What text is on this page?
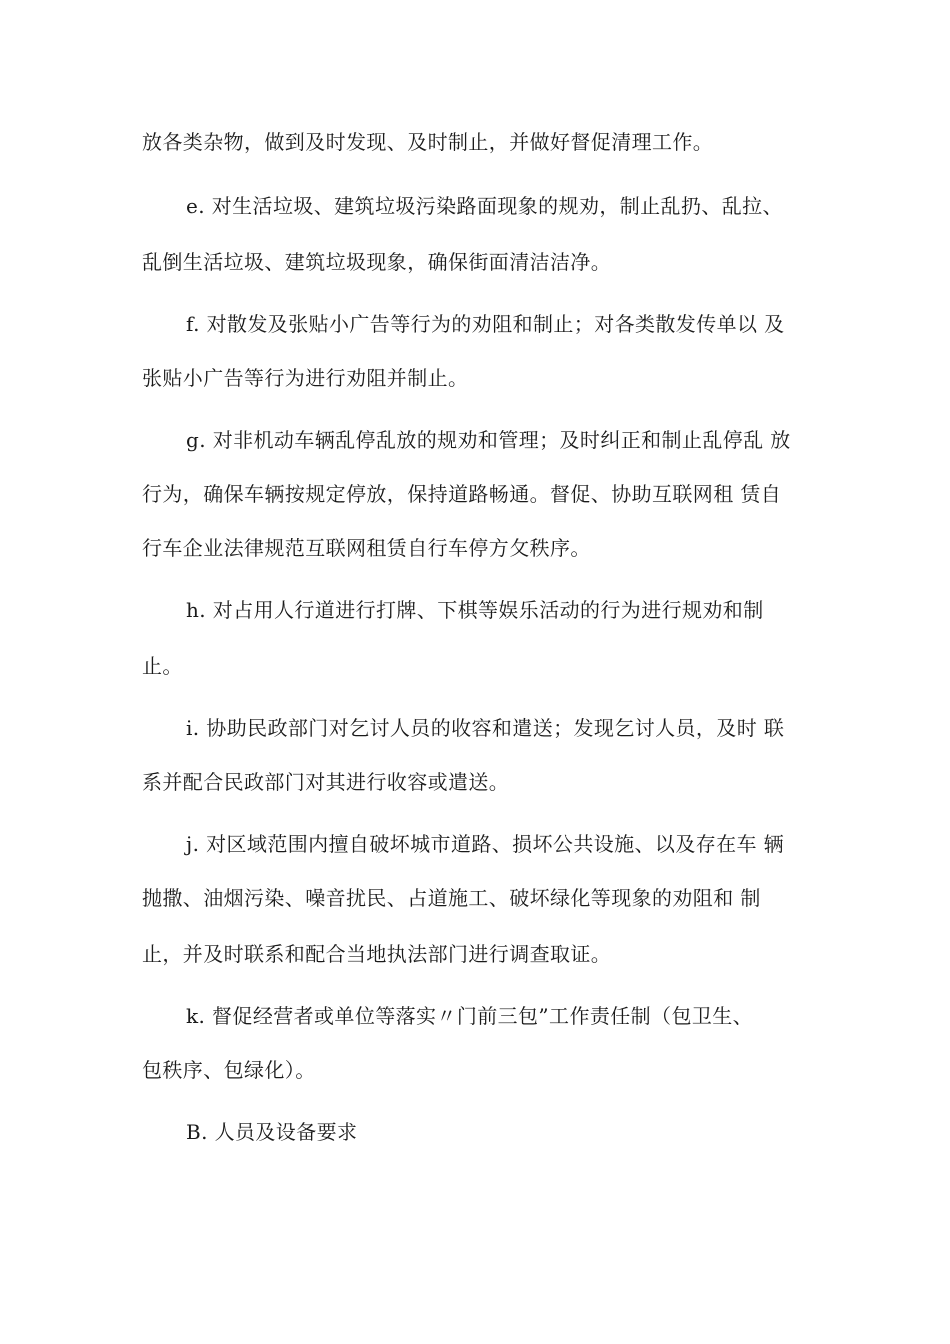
放各类杂物，做到及时发现、及时制止，并做好督促清理工作。
e. 对生活垃圾、建筑垃圾污染路面现象的规劝，制止乱扔、乱拉、
乱倒生活垃圾、建筑垃圾现象，确保街面清洁洁净。
f. 对散发及张贴小广告等行为的劝阻和制止；对各类散发传单以 及
张贴小广告等行为进行劝阻并制止。
g. 对非机动车辆乱停乱放的规劝和管理；及时纠正和制止乱停乱 放
行为，确保车辆按规定停放，保持道路畅通。督促、协助互联网租 赁自
行车企业法律规范互联网租赁自行车停方攵秩序。
h. 对占用人行道进行打牌、下棋等娱乐活动的行为进行规劝和制
止。
i. 协助民政部门对乞讨人员的收容和遣送；发现乞讨人员，及时 联
系并配合民政部门对其进行收容或遣送。
j. 对区域范围内擅自破坏城市道路、损坏公共设施、以及存在车 辆
抛撒、油烟污染、噪音扰民、占道施工、破坏绿化等现象的劝阻和 制
止，并及时联系和配合当地执法部门进行调查取证。
k. 督促经营者或单位等落实〃门前三包”工作责任制（包卫生、
包秩序、包绿化）。
B. 人员及设备要求
